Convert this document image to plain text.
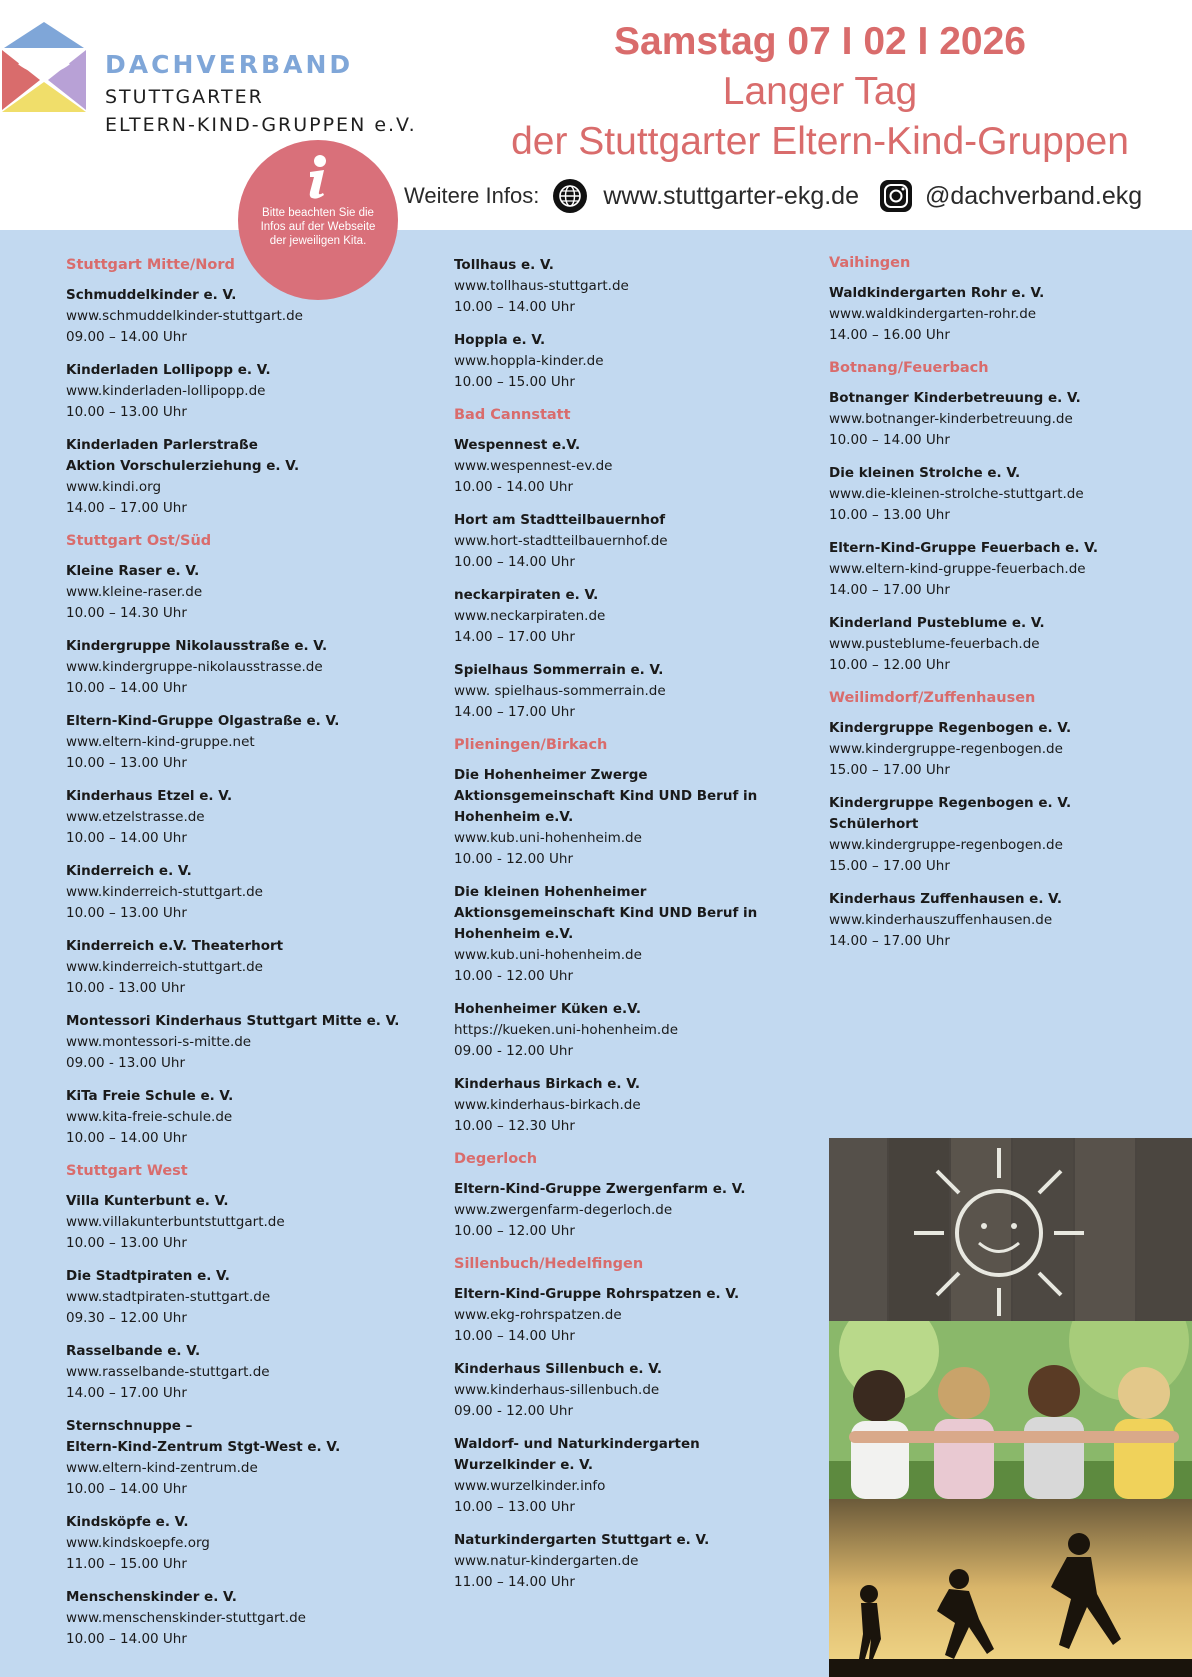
DACHVERBAND
STUTTGARTER
ELTERN-KIND-GRUPPEN e.V.
Samstag 07 I 02 I 2026
Langer Tag
der Stuttgarter Eltern-Kind-Gruppen
Weitere Infos:	www.stuttgarter-ekg.de	@dachverband.ekg
Bitte beachten Sie die Infos auf der Webseite der jeweiligen Kita.
Stuttgart Mitte/Nord
Schmuddelkinder e. V.
www.schmuddelkinder-stuttgart.de
09.00 – 14.00 Uhr
Kinderladen Lollipopp e. V.
www.kinderladen-lollipopp.de
10.00 – 13.00 Uhr
Kinderladen Parlerstraße
Aktion Vorschulerziehung e. V.
www.kindi.org
14.00 – 17.00 Uhr
Stuttgart Ost/Süd
Kleine Raser e. V.
www.kleine-raser.de
10.00 – 14.30 Uhr
Kindergruppe Nikolausstraße e. V.
www.kindergruppe-nikolausstrasse.de
10.00 – 14.00 Uhr
Eltern-Kind-Gruppe Olgastraße e. V.
www.eltern-kind-gruppe.net
10.00 – 13.00 Uhr
Kinderhaus Etzel e. V.
www.etzelstrasse.de
10.00 – 14.00 Uhr
Kinderreich e. V.
www.kinderreich-stuttgart.de
10.00 – 13.00 Uhr
Kinderreich e.V. Theaterhort
www.kinderreich-stuttgart.de
10.00 - 13.00 Uhr
Montessori Kinderhaus Stuttgart Mitte e. V.
www.montessori-s-mitte.de
09.00 - 13.00 Uhr
KiTa Freie Schule e. V.
www.kita-freie-schule.de
10.00 – 14.00 Uhr
Stuttgart West
Villa Kunterbunt e. V.
www.villakunterbuntstuttgart.de
10.00 – 13.00 Uhr
Die Stadtpiraten e. V.
www.stadtpiraten-stuttgart.de
09.30 – 12.00 Uhr
Rasselbande e. V.
www.rasselbande-stuttgart.de
14.00 – 17.00 Uhr
Sternschnuppe –
Eltern-Kind-Zentrum Stgt-West e. V.
www.eltern-kind-zentrum.de
10.00 – 14.00 Uhr
Kindsköpfe e. V.
www.kindskoepfe.org
11.00 – 15.00 Uhr
Menschenskinder e. V.
www.menschenskinder-stuttgart.de
10.00 – 14.00 Uhr
Tollhaus e. V.
www.tollhaus-stuttgart.de
10.00 – 14.00 Uhr
Hoppla e. V.
www.hoppla-kinder.de
10.00 – 15.00 Uhr
Bad Cannstatt
Wespennest e.V.
www.wespennest-ev.de
10.00 - 14.00 Uhr
Hort am Stadtteilbauernhof
www.hort-stadtteilbauernhof.de
10.00 – 14.00 Uhr
neckarpiraten e. V.
www.neckarpiraten.de
14.00 – 17.00 Uhr
Spielhaus Sommerrain e. V.
www. spielhaus-sommerrain.de
14.00 – 17.00 Uhr
Plieningen/Birkach
Die Hohenheimer Zwerge
Aktionsgemeinschaft Kind UND Beruf in
Hohenheim e.V.
www.kub.uni-hohenheim.de
10.00 - 12.00 Uhr
Die kleinen Hohenheimer
Aktionsgemeinschaft Kind UND Beruf in
Hohenheim e.V.
www.kub.uni-hohenheim.de
10.00 - 12.00 Uhr
Hohenheimer Küken e.V.
https://kueken.uni-hohenheim.de
09.00 - 12.00 Uhr
Kinderhaus Birkach e. V.
www.kinderhaus-birkach.de
10.00 – 12.30 Uhr
Degerloch
Eltern-Kind-Gruppe Zwergenfarm e. V.
www.zwergenfarm-degerloch.de
10.00 – 12.00 Uhr
Sillenbuch/Hedelfingen
Eltern-Kind-Gruppe Rohrspatzen e. V.
www.ekg-rohrspatzen.de
10.00 – 14.00 Uhr
Kinderhaus Sillenbuch e. V.
www.kinderhaus-sillenbuch.de
09.00 - 12.00 Uhr
Waldorf- und Naturkindergarten
Wurzelkinder e. V.
www.wurzelkinder.info
10.00 – 13.00 Uhr
Naturkindergarten Stuttgart e. V.
www.natur-kindergarten.de
11.00 – 14.00 Uhr
Vaihingen
Waldkindergarten Rohr e. V.
www.waldkindergarten-rohr.de
14.00 – 16.00 Uhr
Botnang/Feuerbach
Botnanger Kinderbetreuung e. V.
www.botnanger-kinderbetreuung.de
10.00 – 14.00 Uhr
Die kleinen Strolche e. V.
www.die-kleinen-strolche-stuttgart.de
10.00 – 13.00 Uhr
Eltern-Kind-Gruppe Feuerbach e. V.
www.eltern-kind-gruppe-feuerbach.de
14.00 – 17.00 Uhr
Kinderland Pusteblume e. V.
www.pusteblume-feuerbach.de
10.00 – 12.00 Uhr
Weilimdorf/Zuffenhausen
Kindergruppe Regenbogen e. V.
www.kindergruppe-regenbogen.de
15.00 – 17.00 Uhr
Kindergruppe Regenbogen e. V.
Schülerhort
www.kindergruppe-regenbogen.de
15.00 – 17.00 Uhr
Kinderhaus Zuffenhausen e. V.
www.kinderhauszuffenhausen.de
14.00 – 17.00 Uhr
